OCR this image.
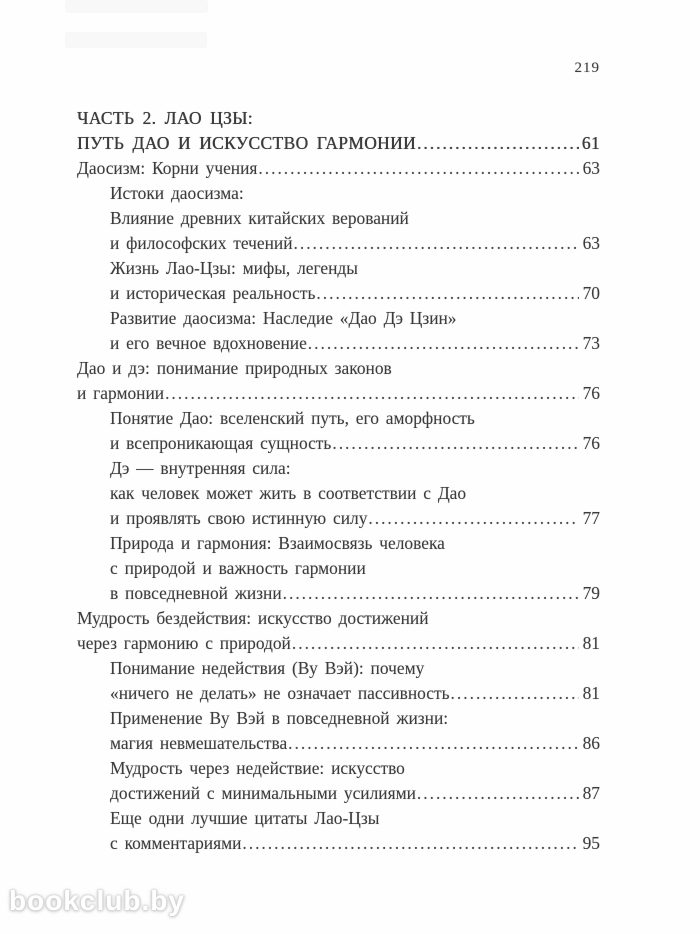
219
ЧАСТЬ 2. ЛАО ЦЗЫ:
ПУТЬ ДАО И ИСКУССТВО ГАРМОНИИ .....	61
Даосизм: Корни учения .....	63
Истоки даосизма:
Влияние древних китайских верований
и философских течений .....	63
Жизнь Лао-Цзы: мифы, легенды
и историческая реальность .....	70
Развитие даосизма: Наследие «Дао Дэ Цзин»
и его вечное вдохновение .....	73
Дао и дэ: понимание природных законов
и гармонии .....	76
Понятие Дао: вселенский путь, его аморфность
и всепроникающая сущность .....	76
Дэ — внутренняя сила:
как человек может жить в соответствии с Дао
и проявлять свою истинную силу .....	77
Природа и гармония: Взаимосвязь человека
с природой и важность гармонии
в повседневной жизни .....	79
Мудрость бездействия: искусство достижений
через гармонию с природой .....	81
Понимание недействия (Ву Вэй): почему
«ничего не делать» не означает пассивность .....	81
Применение Ву Вэй в повседневной жизни:
магия невмешательства .....	86
Мудрость через недействие: искусство
достижений с минимальными усилиями .....	87
Еще одни лучшие цитаты Лао-Цзы
с комментариями .....	95
bookclub.by
